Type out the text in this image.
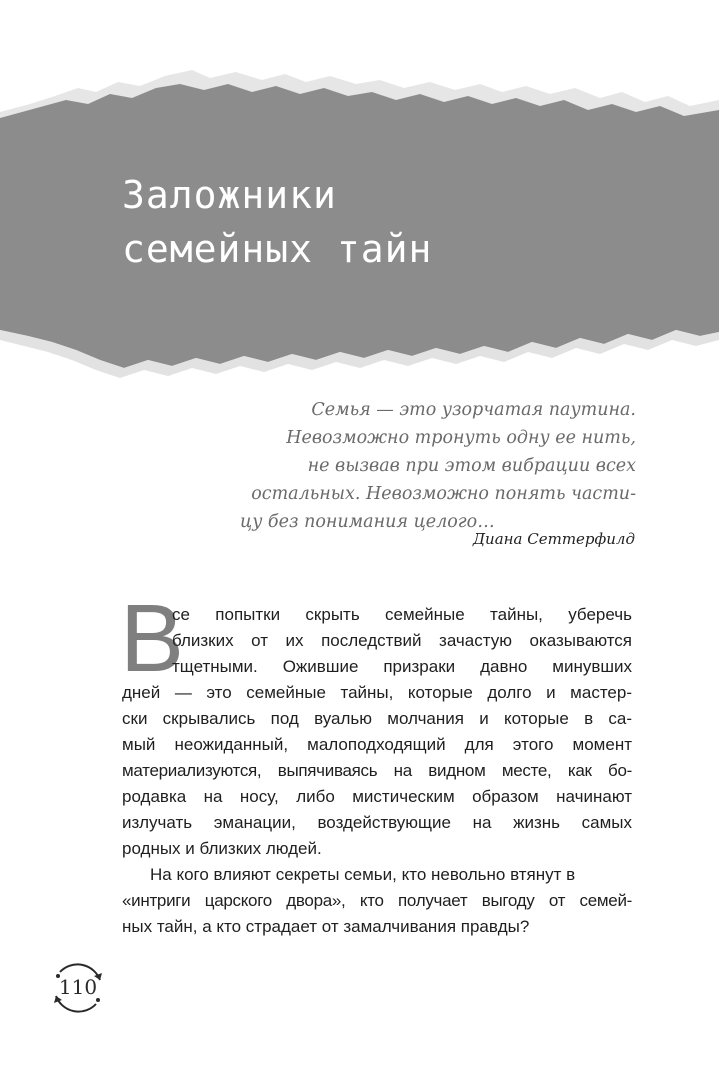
Заложники
семейных тайн
Семья — это узорчатая паутина.
Невозможно тронуть одну ее нить,
не вызвав при этом вибрации всех
остальных. Невозможно понять части-
цу без понимания целого…
Диана Сеттерфилд
В
се попытки скрыть семейные тайны, уберечь
близких от их последствий зачастую оказываются
тщетными. Ожившие призраки давно минувших
дней — это семейные тайны, которые долго и мастер-
ски скрывались под вуалью молчания и которые в са-
мый неожиданный, малоподходящий для этого момент
материализуются, выпячиваясь на видном месте, как бо-
родавка на носу, либо мистическим образом начинают
излучать эманации, воздействующие на жизнь самых
родных и близких людей.
На кого влияют секреты семьи, кто невольно втянут в
«интриги царского двора», кто получает выгоду от семей-
ных тайн, а кто страдает от замалчивания правды?
110
